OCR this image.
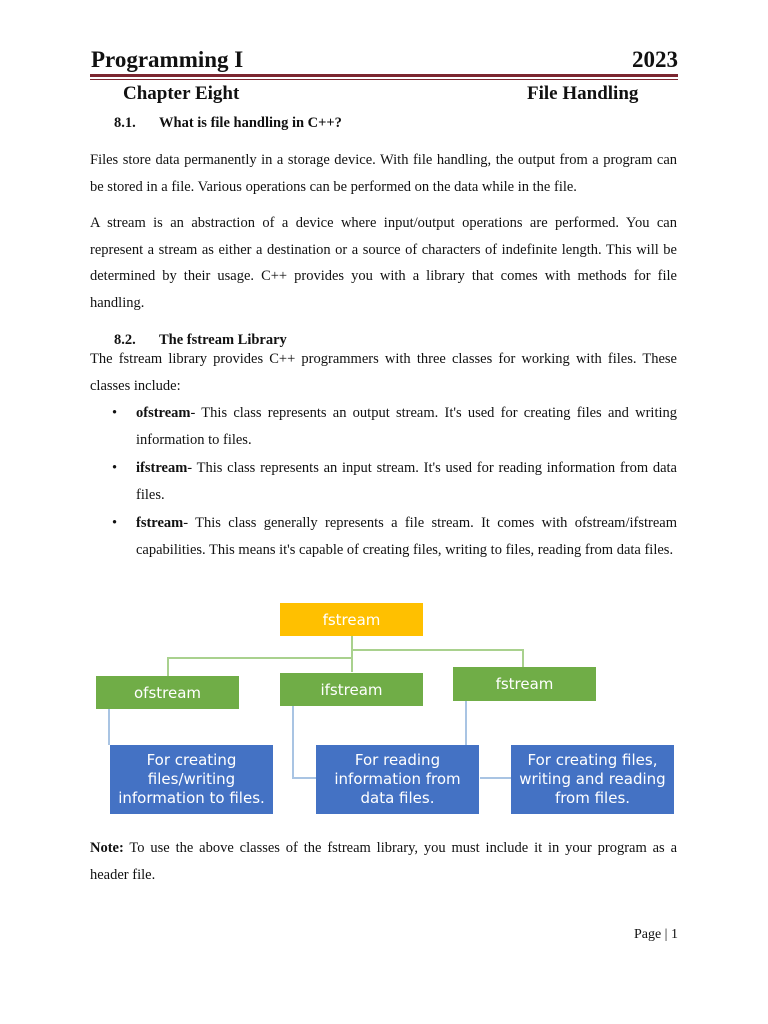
Programming I	2023
Chapter Eight	File Handling
8.1. What is file handling in C++?

Files store data permanently in a storage device. With file handling, the output from a program can be stored in a file. Various operations can be performed on the data while in the file.

A stream is an abstraction of a device where input/output operations are performed. You can represent a stream as either a destination or a source of characters of indefinite length. This will be determined by their usage. C++ provides you with a library that comes with methods for file handling.

8.2. The fstream Library

The fstream library provides C++ programmers with three classes for working with files. These classes include:

• ofstream- This class represents an output stream. It's used for creating files and writing information to files.
• ifstream- This class represents an input stream. It's used for reading information from data files.
• fstream- This class generally represents a file stream. It comes with ofstream/ifstream capabilities. This means it's capable of creating files, writing to files, reading from data files.
fstream
ofstream	ifstream	fstream
For creating files/writing information to files.
For reading information from data files.
For creating files, writing and reading from files.

Note: To use the above classes of the fstream library, you must include it in your program as a header file.

Page | 1
